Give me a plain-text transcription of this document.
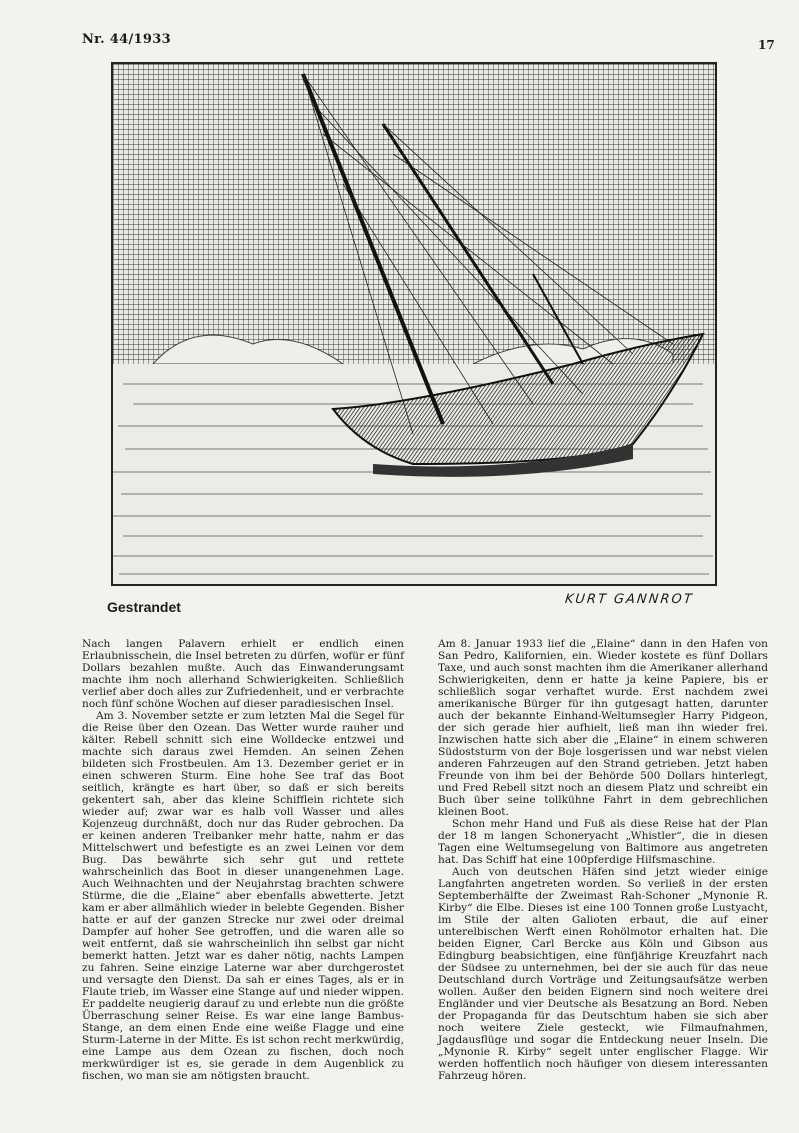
Nr. 44/1933	17
KURT GANNROT
Gestrandet

Nach langen Palavern erhielt er endlich einen Erlaubnisschein, die Insel betreten zu dürfen, wofür er fünf Dollars bezahlen mußte. Auch das Einwanderungsamt machte ihm noch allerhand Schwierigkeiten. Schließlich verlief aber doch alles zur Zufriedenheit, und er verbrachte noch fünf schöne Wochen auf dieser paradiesischen Insel.

Am 3. November setzte er zum letzten Mal die Segel für die Reise über den Ozean. Das Wetter wurde rauher und kälter. Rebell schnitt sich eine Wolldecke entzwei und machte sich daraus zwei Hemden. An seinen Zehen bildeten sich Frostbeulen. Am 13. Dezember geriet er in einen schweren Sturm. Eine hohe See traf das Boot seitlich, krängte es hart über, so daß er sich bereits gekentert sah, aber das kleine Schifflein richtete sich wieder auf; zwar war es halb voll Wasser und alles Kojenzeug durchnäßt, doch nur das Ruder gebrochen. Da er keinen anderen Treibanker mehr hatte, nahm er das Mittelschwert und befestigte es an zwei Leinen vor dem Bug. Das bewährte sich sehr gut und rettete wahrscheinlich das Boot in dieser unangenehmen Lage. Auch Weihnachten und der Neujahrstag brachten schwere Stürme, die die „Elaine“ aber ebenfalls abwetterte. Jetzt kam er aber allmählich wieder in belebte Gegenden. Bisher hatte er auf der ganzen Strecke nur zwei oder dreimal Dampfer auf hoher See getroffen, und die waren alle so weit entfernt, daß sie wahrscheinlich ihn selbst gar nicht bemerkt hatten. Jetzt war es daher nötig, nachts Lampen zu fahren. Seine einzige Laterne war aber durchgerostet und versagte den Dienst. Da sah er eines Tages, als er in Flaute trieb, im Wasser eine Stange auf und nieder wippen. Er paddelte neugierig darauf zu und erlebte nun die größte Überraschung seiner Reise. Es war eine lange Bambus-Stange, an dem einen Ende eine weiße Flagge und eine Sturm-Laterne in der Mitte. Es ist schon recht merkwürdig, eine Lampe aus dem Ozean zu fischen, doch noch merkwürdiger ist es, sie gerade in dem Augenblick zu fischen, wo man sie am nötigsten braucht.

Am 8. Januar 1933 lief die „Elaine“ dann in den Hafen von San Pedro, Kalifornien, ein. Wieder kostete es fünf Dollars Taxe, und auch sonst machten ihm die Amerikaner allerhand Schwierigkeiten, denn er hatte ja keine Papiere, bis er schließlich sogar verhaftet wurde. Erst nachdem zwei amerikanische Bürger für ihn gutgesagt hatten, darunter auch der bekannte Einhand-Weltumsegler Harry Pidgeon, der sich gerade hier aufhielt, ließ man ihn wieder frei. Inzwischen hatte sich aber die „Elaine“ in einem schweren Südoststurm von der Boje losgerissen und war nebst vielen anderen Fahrzeugen auf den Strand getrieben. Jetzt haben Freunde von ihm bei der Behörde 500 Dollars hinterlegt, und Fred Rebell sitzt noch an diesem Platz und schreibt ein Buch über seine tollkühne Fahrt in dem gebrechlichen kleinen Boot.

Schon mehr Hand und Fuß als diese Reise hat der Plan der 18 m langen Schoneryacht „Whistler“, die in diesen Tagen eine Weltumsegelung von Baltimore aus angetreten hat. Das Schiff hat eine 100pferdige Hilfsmaschine.

Auch von deutschen Häfen sind jetzt wieder einige Langfahrten angetreten worden. So verließ in der ersten Septemberhälfte der Zweimast Rah-Schoner „Mynonie R. Kirby“ die Elbe. Dieses ist eine 100 Tonnen große Lustyacht, im Stile der alten Galioten erbaut, die auf einer unterelbischen Werft einen Rohölmotor erhalten hat. Die beiden Eigner, Carl Bercke aus Köln und Gibson aus Edingburg beabsichtigen, eine fünfjährige Kreuzfahrt nach der Südsee zu unternehmen, bei der sie auch für das neue Deutschland durch Vorträge und Zeitungsaufsätze werben wollen. Außer den beiden Eignern sind noch weitere drei Engländer und vier Deutsche als Besatzung an Bord. Neben der Propaganda für das Deutschtum haben sie sich aber noch weitere Ziele gesteckt, wie Filmaufnahmen, Jagdausflüge und sogar die Entdeckung neuer Inseln. Die „Mynonie R. Kirby“ segelt unter englischer Flagge. Wir werden hoffentlich noch häufiger von diesem interessanten Fahrzeug hören.
